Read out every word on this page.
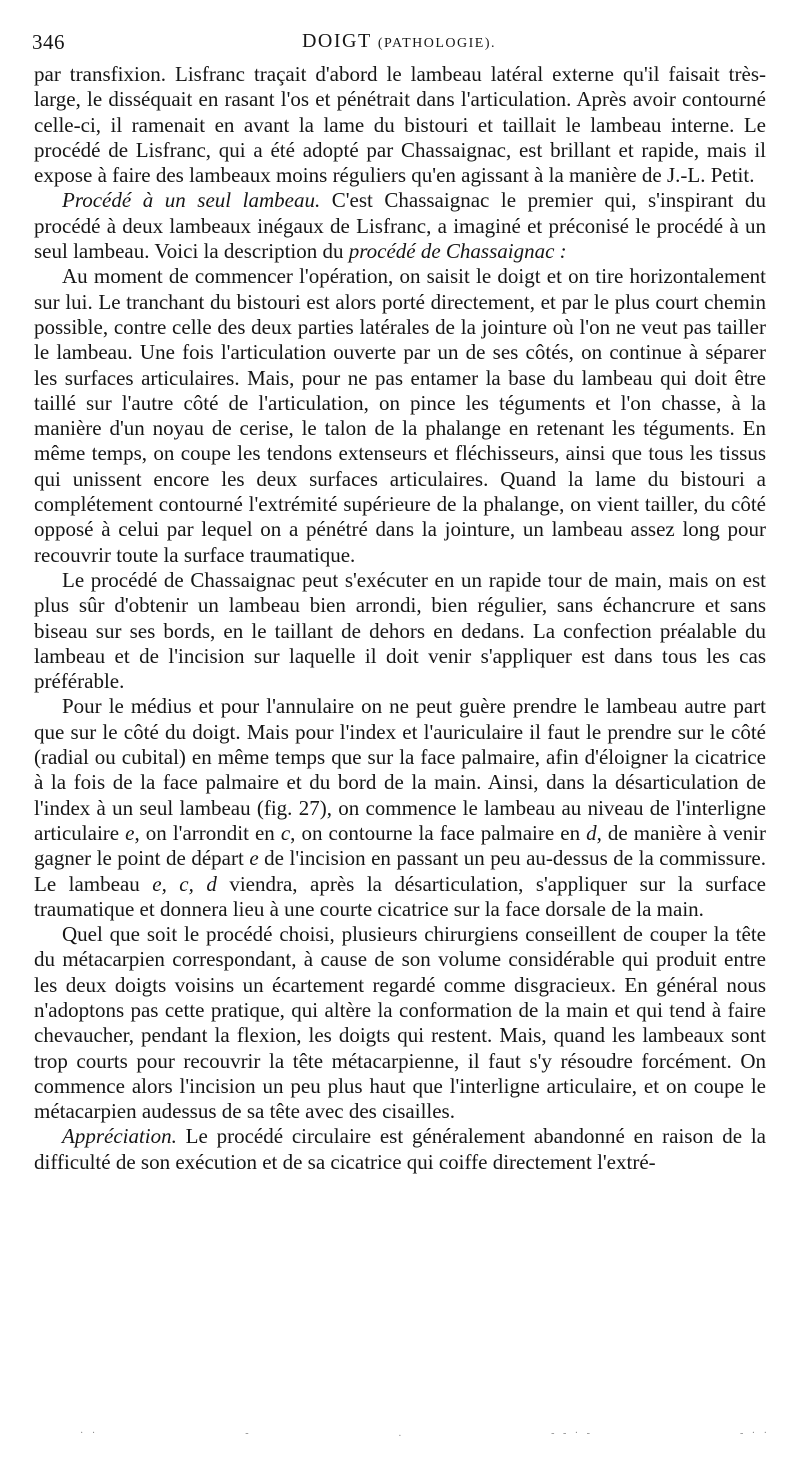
346	DOIGT (PATHOLOGIE).

par transfixion. Lisfranc traçait d'abord le lambeau latéral externe qu'il faisait très-large, le disséquait en rasant l'os et pénétrait dans l'articulation. Après avoir contourné celle-ci, il ramenait en avant la lame du bistouri et taillait le lambeau interne. Le procédé de Lisfranc, qui a été adopté par Chassaignac, est brillant et rapide, mais il expose à faire des lambeaux moins réguliers qu'en agissant à la manière de J.-L. Petit.

Procédé à un seul lambeau. C'est Chassaignac le premier qui, s'inspirant du procédé à deux lambeaux inégaux de Lisfranc, a imaginé et préconisé le procédé à un seul lambeau. Voici la description du procédé de Chassaignac :

Au moment de commencer l'opération, on saisit le doigt et on tire horizontalement sur lui. Le tranchant du bistouri est alors porté directement, et par le plus court chemin possible, contre celle des deux parties latérales de la jointure où l'on ne veut pas tailler le lambeau. Une fois l'articulation ouverte par un de ses côtés, on continue à séparer les surfaces articulaires. Mais, pour ne pas entamer la base du lambeau qui doit être taillé sur l'autre côté de l'articulation, on pince les téguments et l'on chasse, à la manière d'un noyau de cerise, le talon de la phalange en retenant les téguments. En même temps, on coupe les tendons extenseurs et fléchisseurs, ainsi que tous les tissus qui unissent encore les deux surfaces articulaires. Quand la lame du bistouri a complétement contourné l'extrémité supérieure de la phalange, on vient tailler, du côté opposé à celui par lequel on a pénétré dans la jointure, un lambeau assez long pour recouvrir toute la surface traumatique.

Le procédé de Chassaignac peut s'exécuter en un rapide tour de main, mais on est plus sûr d'obtenir un lambeau bien arrondi, bien régulier, sans échancrure et sans biseau sur ses bords, en le taillant de dehors en dedans. La confection préalable du lambeau et de l'incision sur laquelle il doit venir s'appliquer est dans tous les cas préférable.

Pour le médius et pour l'annulaire on ne peut guère prendre le lambeau autre part que sur le côté du doigt. Mais pour l'index et l'auriculaire il faut le prendre sur le côté (radial ou cubital) en même temps que sur la face palmaire, afin d'éloigner la cicatrice à la fois de la face palmaire et du bord de la main. Ainsi, dans la désarticulation de l'index à un seul lambeau (fig. 27), on commence le lambeau au niveau de l'interligne articulaire e, on l'arrondit en c, on contourne la face palmaire en d, de manière à venir gagner le point de départ e de l'incision en passant un peu au-dessus de la commissure. Le lambeau e, c, d viendra, après la désarticulation, s'appliquer sur la surface traumatique et donnera lieu à une courte cicatrice sur la face dorsale de la main.

Quel que soit le procédé choisi, plusieurs chirurgiens conseillent de couper la tête du métacarpien correspondant, à cause de son volume considérable qui produit entre les deux doigts voisins un écartement regardé comme disgracieux. En général nous n'adoptons pas cette pratique, qui altère la conformation de la main et qui tend à faire chevaucher, pendant la flexion, les doigts qui restent. Mais, quand les lambeaux sont trop courts pour recouvrir la tête métacarpienne, il faut s'y résoudre forcément. On commence alors l'incision un peu plus haut que l'interligne articulaire, et on coupe le métacarpien audessus de sa tête avec des cisailles.

Appréciation. Le procédé circulaire est généralement abandonné en raison de la difficulté de son exécution et de sa cicatrice qui coiffe directement l'extré-

· ·	-	.	- - · -	- · ·
